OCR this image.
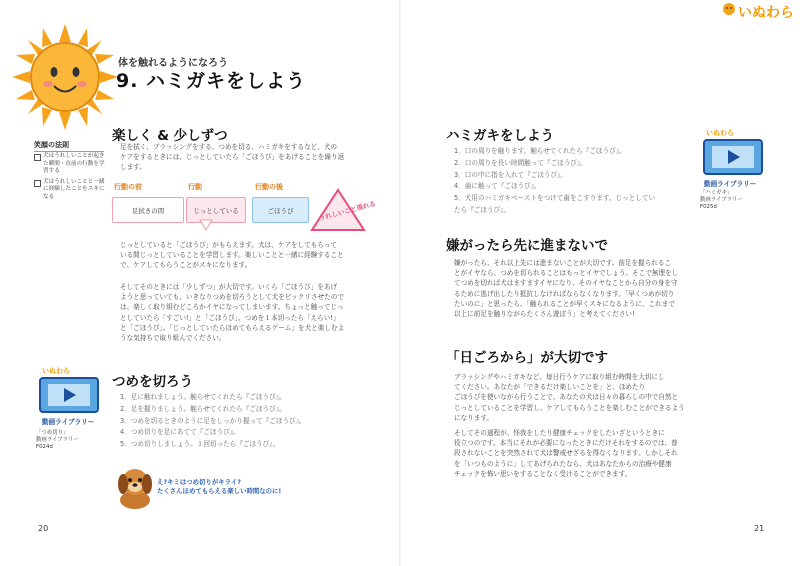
体を触れるようになろう
9. ハミガキをしよう
笑顔の法則
犬はうれしいことが起きた瞬間・直前の行動を学習する
犬はうれしいことと一緒に経験したことをスキになる
楽しく & 少しずつ
足を拭く、ブラッシングをする、つめを切る、ハミガキをするなど、犬の
ケアをするときには、じっとしていたら「ごほうび」をあげることを繰り返
します。
行動の前	行動	行動の後
足拭きの間	じっとしている	ごほうび	うれしいこと現れる
じっとしていると「ごほうび」がもらえます。犬は、ケアをしてもらって
いる間じっとしていることを学習します。楽しいことと一緒に経験すること
で、ケアしてもらうことがスキになります。
そしてそのときには「少しずつ」が大切です。いくら「ごほうび」をあげ
ようと思っていても、いきなりつめを切ろうとして犬をビックリさせたので
は、楽しく取り組むどころかイヤになってしまいます。ちょっと触ってじっ
としていたら「すごい!」と「ごほうび」。つめを１本切ったら「えらい!」
と「ごほうび」。「じっとしていたらほめてもらえるゲーム」を犬と楽しむよ
うな気持ちで取り組んでください。
いぬわら
動画ライブラリー
「つめ切り」
動画ライブラリー
F024d
つめを切ろう
1．足に触れましょう。触らせてくれたら『ごほうび』。
2．足を握りましょう。触らせてくれたら『ごほうび』。
3．つめを切るときのように足をしっかり握って『ごほうび』。
4．つめ切りを足にあてて『ごほうび』。
5．つめ切りしましょう。１回切ったら『ごほうび』。
え?キミはつめ切りがキライ?
たくさんほめてもらえる楽しい時間なのに!
20
いぬわら
ハミガキをしよう
1．口の周りを触ります。触らせてくれたら『ごほうび』。
2．口の周りを長い時間触って『ごほうび』。
3．口の中に指を入れて『ごほうび』。
4．歯に触って『ごほうび』。
5．犬用のハミガキペーストをつけて歯をこすります。じっとしてい
たら『ごほうび』。
いぬわら
動画ライブラリー
「ハミガキ」
動画ライブラリー
F025d
嫌がったら先に進まないで
嫌がったら、それ以上先には進まないことが大切です。前足を握られるこ
とがイヤなら、つめを切られることはもっとイヤでしょう。そこで無理をし
てつめを切れば犬はますますイヤになり、そのイヤなことから自分の身を守
るために逃げ出したり抵抗しなければならなくなります。「早くつめが切り
たいのに」と思ったら、「触られることが早くスキになるように、これまで
以上に前足を触りながらたくさん遊ぼう」と考えてください!
「日ごろから」が大切です
ブラッシングやハミガキなど、毎日行うケアに取り組む時間を大切にし
てください。あなたが「できるだけ楽しいことを」と、ほめたり
ごほうびを使いながら行うことで、あなたの犬は日々の暮らしの中で自然と
じっとしていることを学習し、ケアしてもらうことを楽しむことができるよう
になります。
そしてその過程が、怪我をしたり健康チェックをしたいざというときに
役立つのです。本当にそれが必要になったときにだけそれをするのでは、普
段されないことを突然されて犬は警戒せざるを得なくなります。しかしそれ
を「いつものように」してあげられたなら、犬はあなたからの治療や健康
チェックを怖い思いをすることなく受けることができます。
21
